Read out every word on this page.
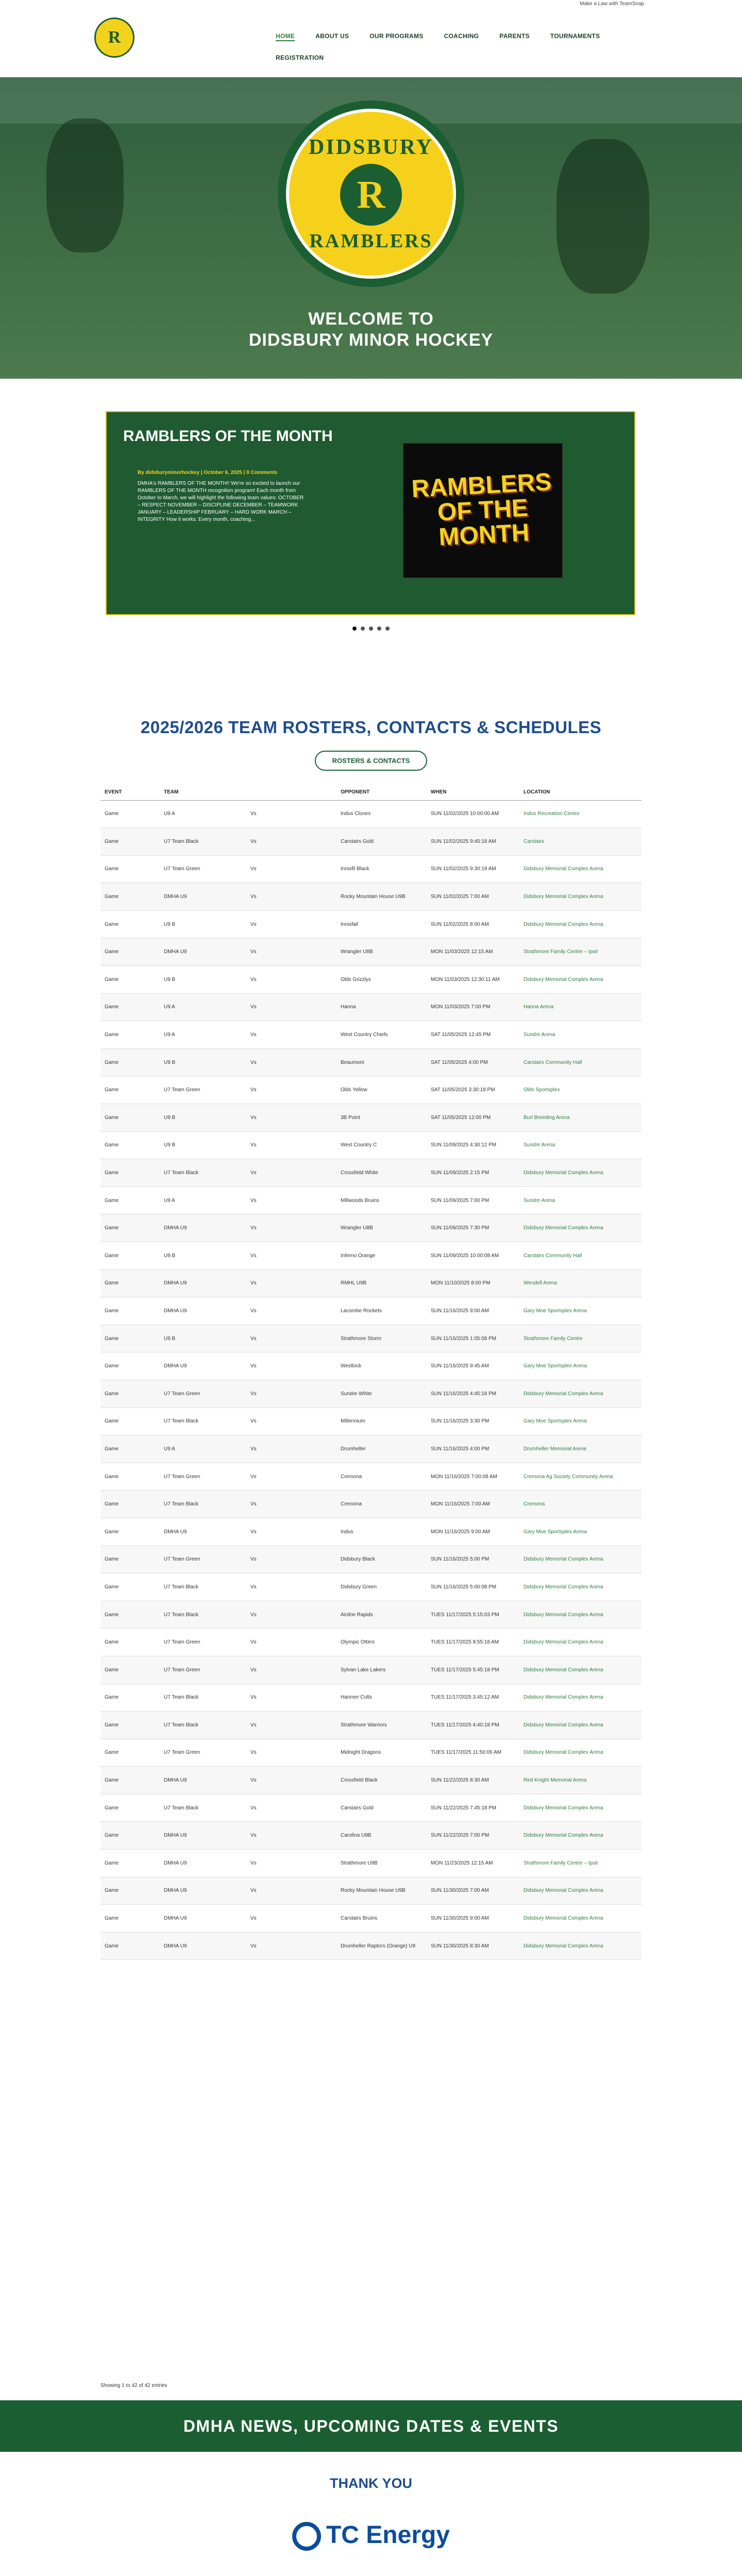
Make a Law with TeamSnap
R	HOME	ABOUT US	OUR PROGRAMS	COACHING	PARENTS	TOURNAMENTS
REGISTRATION
DIDSBURY
R
RAMBLERS
WELCOME TO
DIDSBURY MINOR HOCKEY
RAMBLERS OF THE MONTH
By didsburyminorhockey | October 6, 2025 | 0 Comments
DMHA's RAMBLERS OF THE MONTH!! We're so excited to launch our RAMBLERS OF THE MONTH recognition program! Each month from October to March, we will highlight the following team values: OCTOBER – RESPECT NOVEMBER – DISCIPLINE DECEMBER – TEAMWORK JANUARY – LEADERSHIP FEBRUARY – HARD WORK MARCH – INTEGRITY How it works: Every month, coaching...
RAMBLERS OF THE MONTH
2025/2026 TEAM ROSTERS, CONTACTS & SCHEDULES
ROSTERS & CONTACTS
EVENT	TEAM		OPPONENT	WHEN	LOCATION
Game	U9 A	Vs	Indus Clones	SUN 11/02/2025 10:00:00 AM	Indus Recreation Centre
Game	U7 Team Black	Vs	Carstairs Gold	SUN 11/02/2025 9:45:18 AM	Carstairs
Game	U7 Team Green	Vs	Innisfil Black	SUN 11/02/2025 9:30:19 AM	Didsbury Memorial Complex Arena
Game	DMHA U9	Vs	Rocky Mountain House U9B	SUN 11/02/2025 7:00 AM	Didsbury Memorial Complex Arena
Game	U9 B	Vs	Innisfail	SUN 11/02/2025 8:00 AM	Didsbury Memorial Complex Arena
Game	DMHA U9	Vs	Wrangler U8B	MON 11/03/2025 12:15 AM	Strathmore Family Centre – Ipsit
Game	U9 B	Vs	Olds Grizzlys	MON 11/03/2025 12:30:11 AM	Didsbury Memorial Complex Arena
Game	U9 A	Vs	Hanna	MON 11/03/2025 7:00 PM	Hanna Arena
Game	U9 A	Vs	West Country Chiefs	SAT 11/05/2025 12:45 PM	Sundre Arena
Game	U9 B	Vs	Beaumont	SAT 11/05/2025 4:00 PM	Carstairs Community Hall
Game	U7 Team Green	Vs	Olds Yellow	SAT 11/05/2025 3:30:18 PM	Olds Sportsplex
Game	U9 B	Vs	3B Point	SAT 11/05/2025 12:00 PM	Burl Breeding Arena
Game	U9 B	Vs	West Country C	SUN 11/09/2025 4:30:12 PM	Sundre Arena
Game	U7 Team Black	Vs	Crossfield White	SUN 11/09/2025 2:15 PM	Didsbury Memorial Complex Arena
Game	U9 A	Vs	Millwoods Bruins	SUN 11/09/2025 7:00 PM	Sundre Arena
Game	DMHA U9	Vs	Wrangler U8B	SUN 11/09/2025 7:30 PM	Didsbury Memorial Complex Arena
Game	U9 B	Vs	Inferno Orange	SUN 11/09/2025 10:00:08 AM	Carstairs Community Hall
Game	DMHA U9	Vs	RMHL U9B	MON 11/10/2025 8:00 PM	Wendell Arena
Game	DMHA U9	Vs	Lacombe Rockets	SUN 11/16/2025 9:00 AM	Gary Moe Sportsplex Arena
Game	U9 B	Vs	Strathmore Storm	SUN 11/16/2025 1:05:08 PM	Strathmore Family Centre
Game	DMHA U9	Vs	Westlock	SUN 11/16/2025 9:45 AM	Gary Moe Sportsplex Arena
Game	U7 Team Green	Vs	Sundre White	SUN 11/16/2025 4:45:18 PM	Didsbury Memorial Complex Arena
Game	U7 Team Black	Vs	Millennium	SUN 11/16/2025 3:30 PM	Gary Moe Sportsplex Arena
Game	U9 A	Vs	Drumheller	SUN 11/16/2025 4:00 PM	Drumheller Memorial Arena
Game	U7 Team Green	Vs	Cremona	MON 11/16/2025 7:00:08 AM	Cremona Ag Society Community Arena
Game	U7 Team Black	Vs	Cremona	MON 11/16/2025 7:00 AM	Cremona
Game	DMHA U9	Vs	Indus	MON 11/16/2025 9:00 AM	Gary Moe Sportsplex Arena
Game	U7 Team Green	Vs	Didsbury Black	SUN 11/16/2025 5:00 PM	Didsbury Memorial Complex Arena
Game	U7 Team Black	Vs	Didsbury Green	SUN 11/16/2025 5:00:08 PM	Didsbury Memorial Complex Arena
Game	U7 Team Black	Vs	Airdrie Rapids	TUES 11/17/2025 5:15:03 PM	Didsbury Memorial Complex Arena
Game	U7 Team Green	Vs	Olympic Otters	TUES 11/17/2025 8:55:18 AM	Didsbury Memorial Complex Arena
Game	U7 Team Green	Vs	Sylvan Lake Lakers	TUES 11/17/2025 5:45:18 PM	Didsbury Memorial Complex Arena
Game	U7 Team Black	Vs	Hanmer Colts	TUES 11/17/2025 3:45:12 AM	Didsbury Memorial Complex Arena
Game	U7 Team Black	Vs	Strathmore Warriors	TUES 11/17/2025 4:40:18 PM	Didsbury Memorial Complex Arena
Game	U7 Team Green	Vs	Midnight Dragons	TUES 11/17/2025 11:50:06 AM	Didsbury Memorial Complex Arena
Game	DMHA U9	Vs	Crossfield Black	SUN 11/22/2025 8:30 AM	Red Knight Memorial Arena
Game	U7 Team Black	Vs	Carstairs Gold	SUN 11/22/2025 7:45:18 PM	Didsbury Memorial Complex Arena
Game	DMHA U9	Vs	Carolina U9B	SUN 11/22/2025 7:00 PM	Didsbury Memorial Complex Arena
Game	DMHA U9	Vs	Strathmore U9B	MON 11/23/2025 12:15 AM	Strathmore Family Centre – Ipsit
Game	DMHA U9	Vs	Rocky Mountain House U9B	SUN 11/30/2025 7:00 AM	Didsbury Memorial Complex Arena
Game	DMHA U9	Vs	Carstairs Bruins	SUN 11/30/2025 9:00 AM	Didsbury Memorial Complex Arena
Game	DMHA U9	Vs	Drumheller Raptors (Orange) U9	SUN 11/30/2025 8:30 AM	Didsbury Memorial Complex Arena
Showing 1 to 42 of 42 entries
DMHA NEWS, UPCOMING DATES & EVENTS
THANK YOU
TC Energy
